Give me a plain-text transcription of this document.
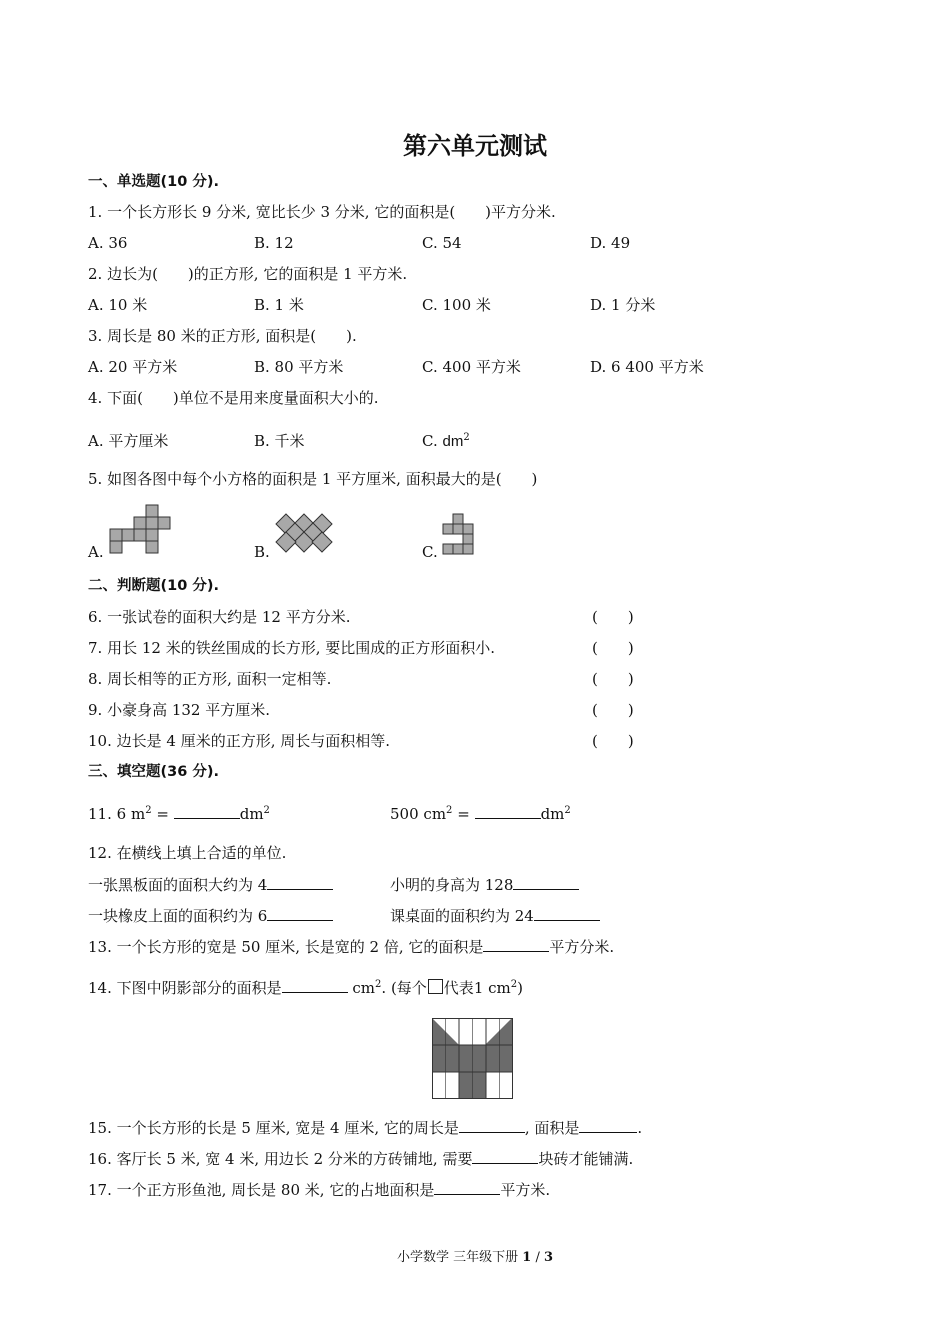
第六单元测试
一、单选题(10 分).
1. 一个长方形长 9 分米, 宽比长少 3 分米, 它的面积是(　　)平方分米.
A. 36	B. 12	C. 54	D. 49
2. 边长为(　　)的正方形, 它的面积是 1 平方米.
A. 10 米	B. 1 米	C. 100 米	D. 1 分米
3. 周长是 80 米的正方形, 面积是(　　).
A. 20 平方米	B. 80 平方米	C. 400 平方米	D. 6 400 平方米
4. 下面(　　)单位不是用来度量面积大小的.
A. 平方厘米	B. 千米	C. $dm^2$
5. 如图各图中每个小方格的面积是 1 平方厘米, 面积最大的是(　　)
A.	B.	C.
二、判断题(10 分).
6. 一张试卷的面积大约是 12 平方分米.	(　　)
7. 用长 12 米的铁丝围成的长方形, 要比围成的正方形面积小.	(　　)
8. 周长相等的正方形, 面积一定相等.	(　　)
9. 小豪身高 132 平方厘米.	(　　)
10. 边长是 4 厘米的正方形, 周长与面积相等.	(　　)
三、填空题(36 分).
11. 6 $m^2$ =	$dm^2$	500 $cm^2$ =	$dm^2$
12. 在横线上填上合适的单位.
一张黑板面的面积大约为 4	小明的身高为 128
一块橡皮上面的面积约为 6	课桌面的面积约为 24
13. 一个长方形的宽是 50 厘米, 长是宽的 2 倍, 它的面积是	平方分米.
14. 下图中阴影部分的面积是	$cm^2$. (每个 代表1 $cm^2$)
15. 一个长方形的长是 5 厘米, 宽是 4 厘米, 它的周长是	, 面积是	.
16. 客厅长 5 米, 宽 4 米, 用边长 2 分米的方砖铺地, 需要	块砖才能铺满.
17. 一个正方形鱼池, 周长是 80 米, 它的占地面积是	平方米.
小学数学 三年级下册 1 / 3
